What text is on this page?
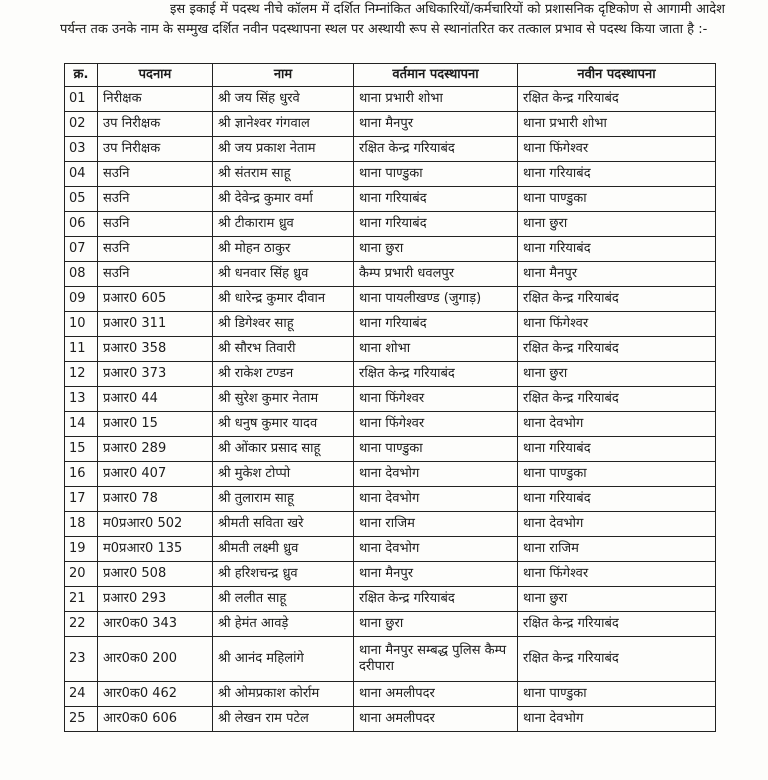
इस इकाई में पदस्थ नीचे कॉलम में दर्शित निम्नांकित अधिकारियों/कर्मचारियों को प्रशासनिक दृष्टिकोण से आगामी आदेश पर्यन्त तक उनके नाम के सम्मुख दर्शित नवीन पदस्थापना स्थल पर अस्थायी रूप से स्थानांतरित कर तत्काल प्रभाव से पदस्थ किया जाता है :-

क्र.	पदनाम	नाम	वर्तमान पदस्थापना	नवीन पदस्थापना
01	निरीक्षक	श्री जय सिंह धुरवे	थाना प्रभारी शोभा	रक्षित केन्द्र गरियाबंद
02	उप निरीक्षक	श्री ज्ञानेश्वर गंगवाल	थाना मैनपुर	थाना प्रभारी शोभा
03	उप निरीक्षक	श्री जय प्रकाश नेताम	रक्षित केन्द्र गरियाबंद	थाना फिंगेश्वर
04	सउनि	श्री संतराम साहू	थाना पाण्डुका	थाना गरियाबंद
05	सउनि	श्री देवेन्द्र कुमार वर्मा	थाना गरियाबंद	थाना पाण्डुका
06	सउनि	श्री टीकाराम ध्रुव	थाना गरियाबंद	थाना छुरा
07	सउनि	श्री मोहन ठाकुर	थाना छुरा	थाना गरियाबंद
08	सउनि	श्री धनवार सिंह ध्रुव	कैम्प प्रभारी धवलपुर	थाना मैनपुर
09	प्रआर0 605	श्री धारेन्द्र कुमार दीवान	थाना पायलीखण्ड (जुगाड़)	रक्षित केन्द्र गरियाबंद
10	प्रआर0 311	श्री डिगेश्वर साहू	थाना गरियाबंद	थाना फिंगेश्वर
11	प्रआर0 358	श्री सौरभ तिवारी	थाना शोभा	रक्षित केन्द्र गरियाबंद
12	प्रआर0 373	श्री राकेश टण्डन	रक्षित केन्द्र गरियाबंद	थाना छुरा
13	प्रआर0 44	श्री सुरेश कुमार नेताम	थाना फिंगेश्वर	रक्षित केन्द्र गरियाबंद
14	प्रआर0 15	श्री धनुष कुमार यादव	थाना फिंगेश्वर	थाना देवभोग
15	प्रआर0 289	श्री ओंकार प्रसाद साहू	थाना पाण्डुका	थाना गरियाबंद
16	प्रआर0 407	श्री मुकेश टोप्पो	थाना देवभोग	थाना पाण्डुका
17	प्रआर0 78	श्री तुलाराम साहू	थाना देवभोग	थाना गरियाबंद
18	म0प्रआर0 502	श्रीमती सविता खरे	थाना राजिम	थाना देवभोग
19	म0प्रआर0 135	श्रीमती लक्ष्मी ध्रुव	थाना देवभोग	थाना राजिम
20	प्रआर0 508	श्री हरिशचन्द्र ध्रुव	थाना मैनपुर	थाना फिंगेश्वर
21	प्रआर0 293	श्री ललीत साहू	रक्षित केन्द्र गरियाबंद	थाना छुरा
22	आर0क0 343	श्री हेमंत आवड़े	थाना छुरा	रक्षित केन्द्र गरियाबंद
23	आर0क0 200	श्री आनंद महिलांगे	थाना मैनपुर सम्बद्ध पुलिस कैम्प दरीपारा	रक्षित केन्द्र गरियाबंद
24	आर0क0 462	श्री ओमप्रकाश कोर्राम	थाना अमलीपदर	थाना पाण्डुका
25	आर0क0 606	श्री लेखन राम पटेल	थाना अमलीपदर	थाना देवभोग
